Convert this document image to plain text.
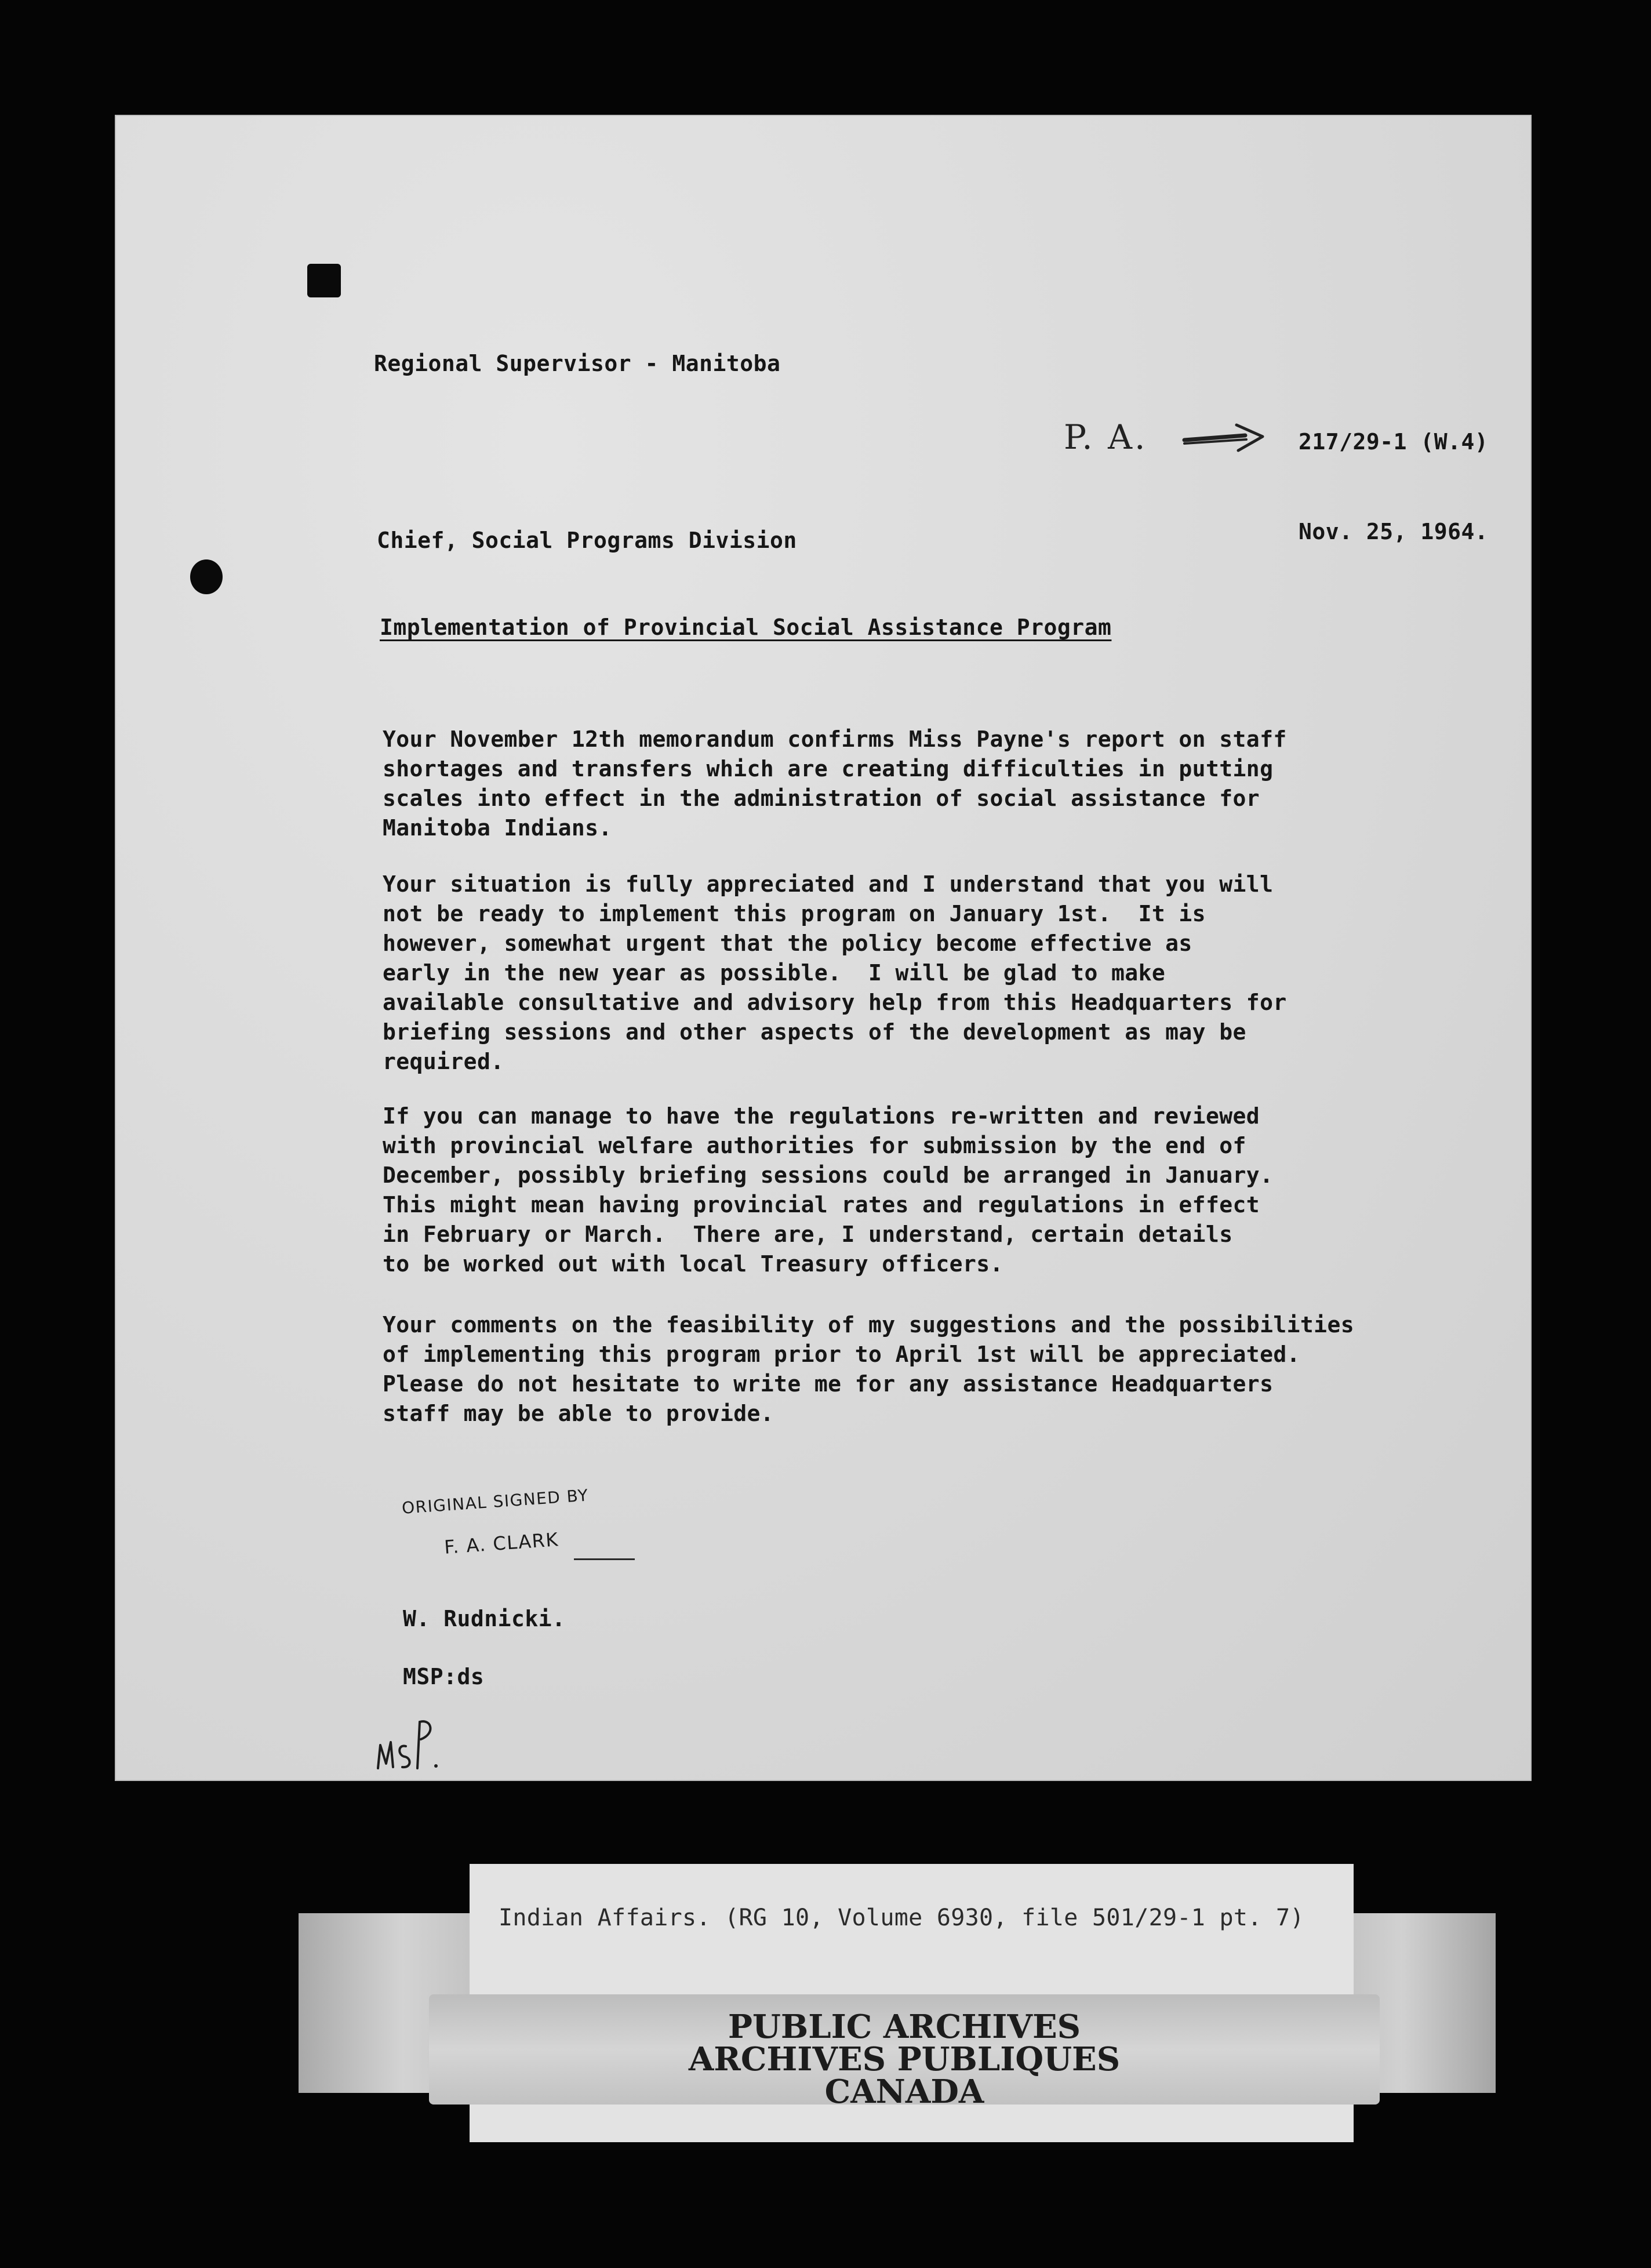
Regional Supervisor - Manitoba

P. A.	217/29-1 (W.4)

Chief, Social Programs Division	Nov. 25, 1964.

Implementation of Provincial Social Assistance Program

Your November 12th memorandum confirms Miss Payne's report on staff
shortages and transfers which are creating difficulties in putting
scales into effect in the administration of social assistance for
Manitoba Indians.

Your situation is fully appreciated and I understand that you will
not be ready to implement this program on January 1st.  It is
however, somewhat urgent that the policy become effective as
early in the new year as possible.  I will be glad to make
available consultative and advisory help from this Headquarters for
briefing sessions and other aspects of the development as may be
required.

If you can manage to have the regulations re-written and reviewed
with provincial welfare authorities for submission by the end of
December, possibly briefing sessions could be arranged in January.
This might mean having provincial rates and regulations in effect
in February or March.  There are, I understand, certain details
to be worked out with local Treasury officers.

Your comments on the feasibility of my suggestions and the possibilities
of implementing this program prior to April 1st will be appreciated.
Please do not hesitate to write me for any assistance Headquarters
staff may be able to provide.

ORIGINAL SIGNED BY
F. A. CLARK

W. Rudnicki.

MSP:ds

Indian Affairs. (RG 10, Volume 6930, file 501/29-1 pt. 7)
PUBLIC ARCHIVES
ARCHIVES PUBLIQUES
CANADA
